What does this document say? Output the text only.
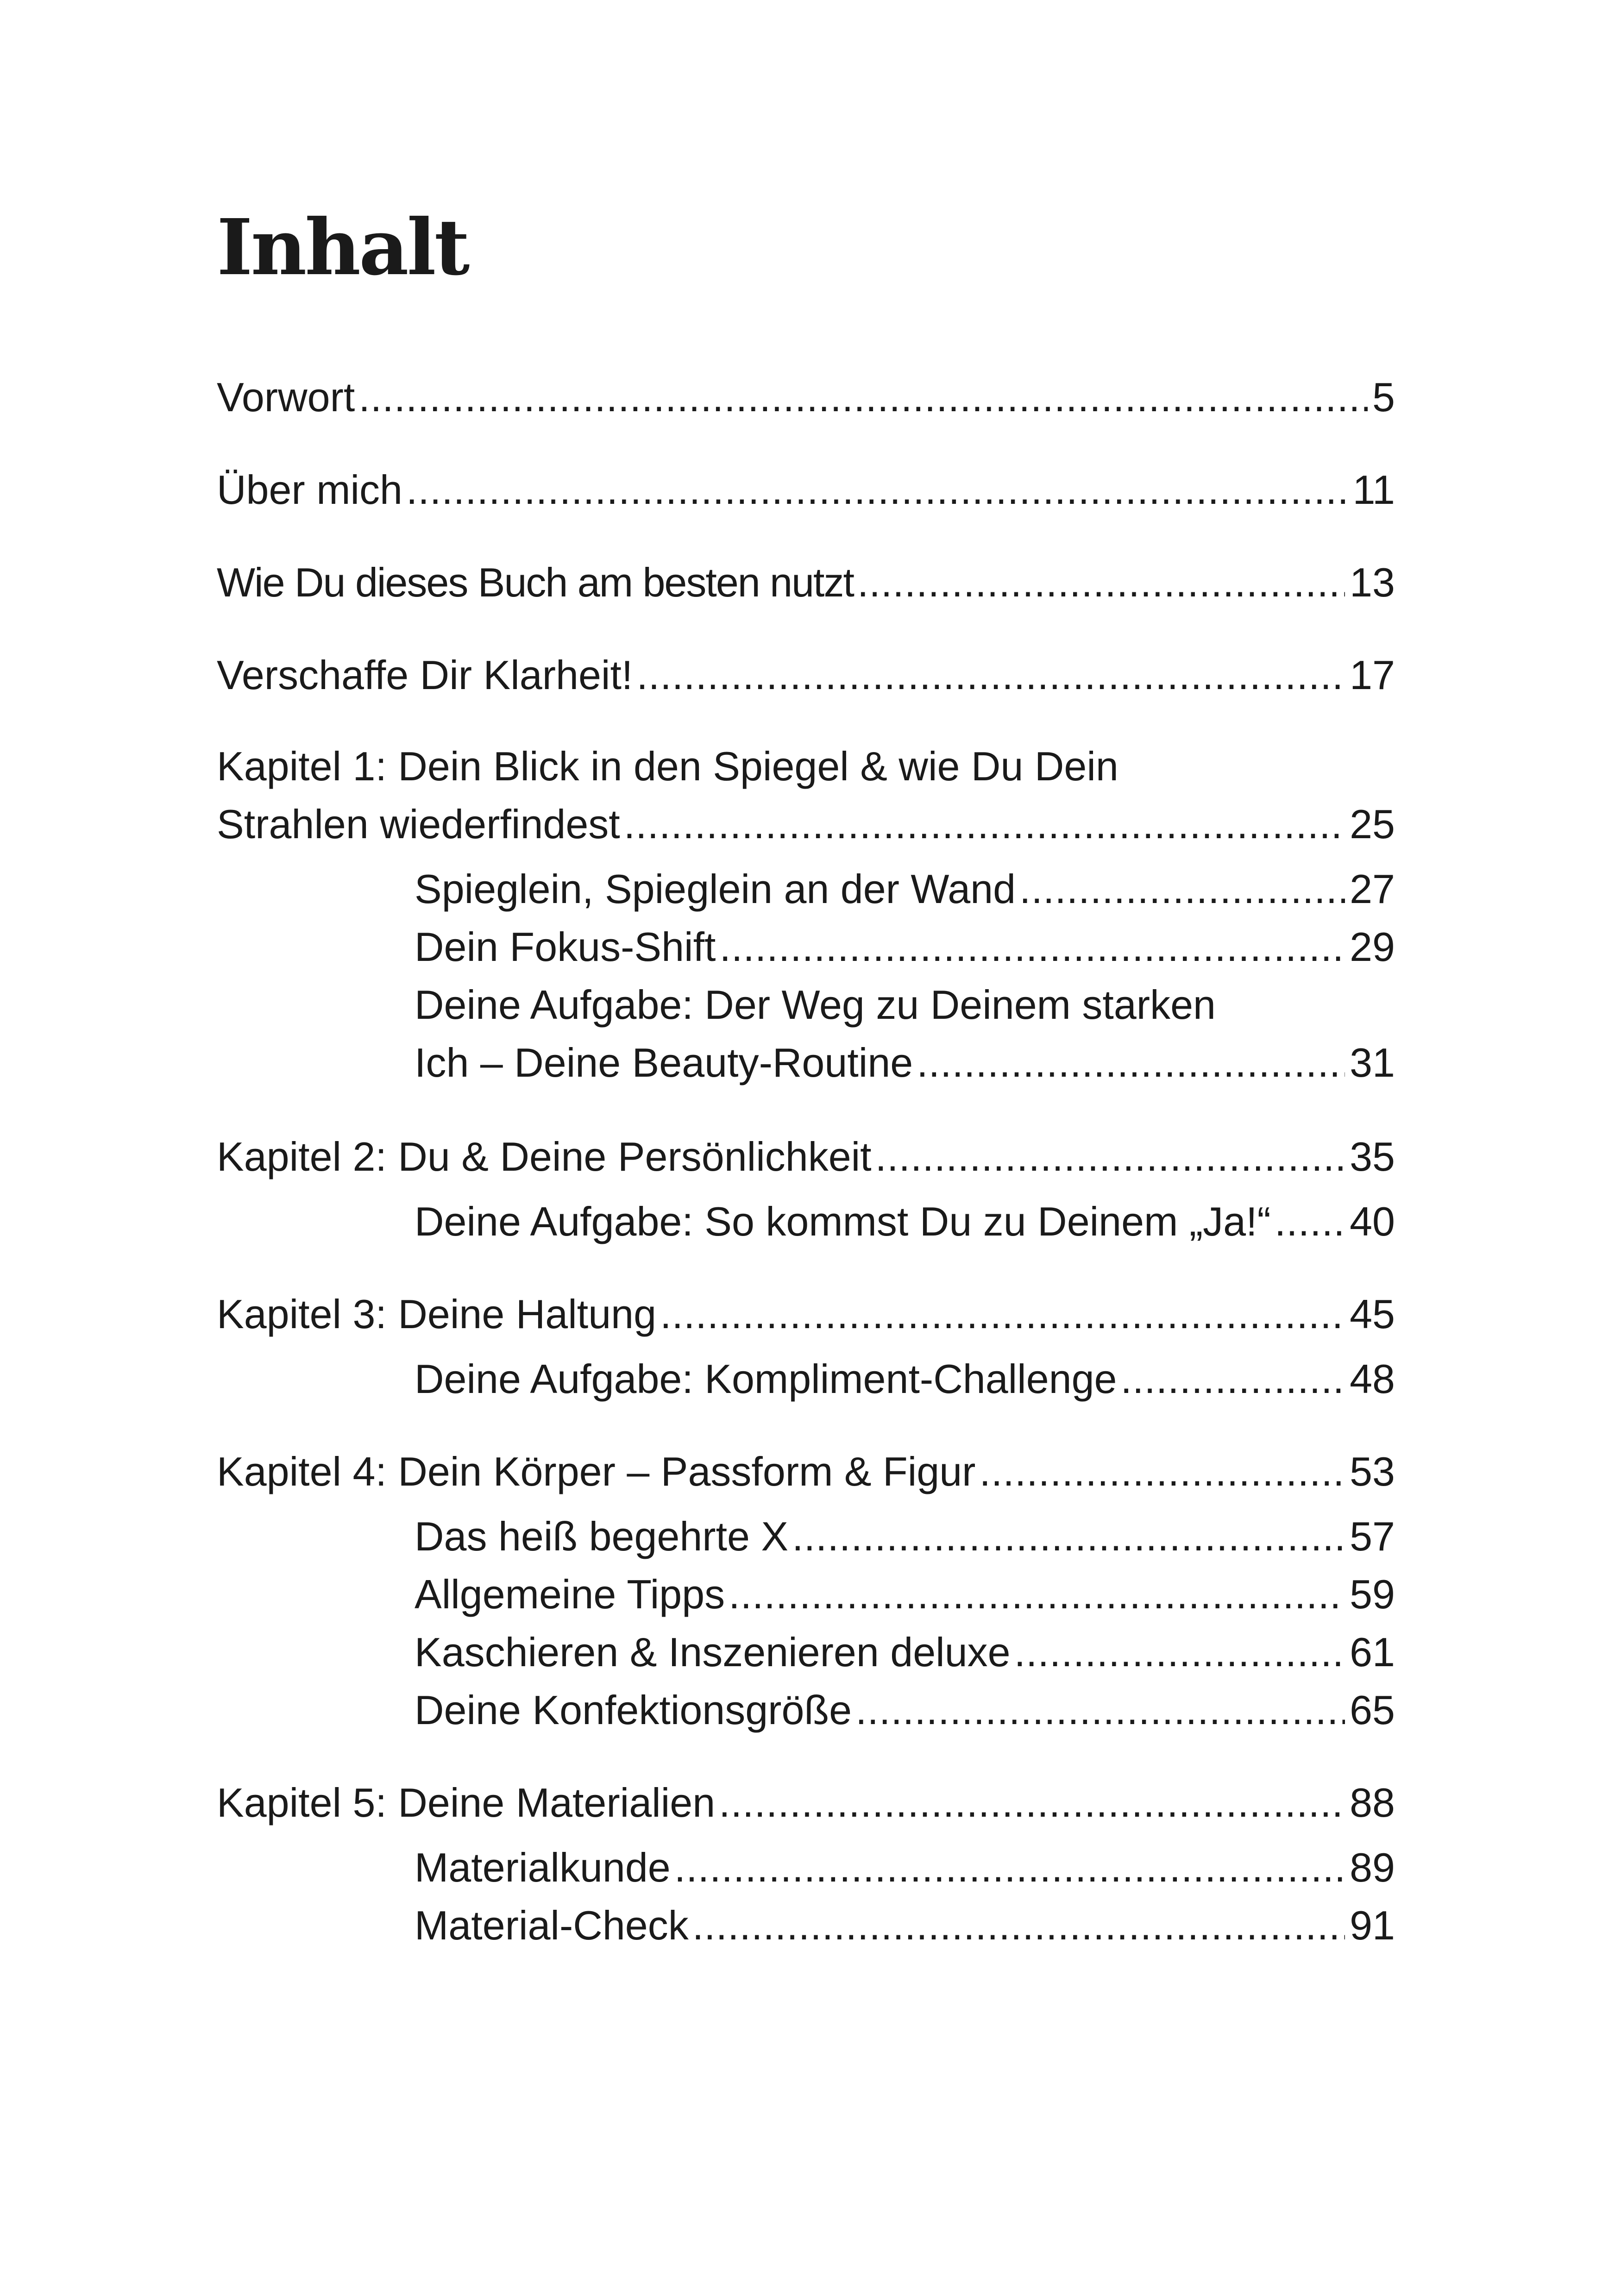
Inhalt
Vorwort .....	5
Über mich .....	11
Wie Du dieses Buch am besten nutzt .....	13
Verschaffe Dir Klarheit! .....	17
Kapitel 1: Dein Blick in den Spiegel & wie Du Dein
Strahlen wiederfindest .....	25
Spieglein, Spieglein an der Wand .....	27
Dein Fokus-Shift .....	29
Deine Aufgabe: Der Weg zu Deinem starken
Ich – Deine Beauty-Routine .....	31
Kapitel 2: Du & Deine Persönlichkeit .....	35
Deine Aufgabe: So kommst Du zu Deinem „Ja!“ ..... 40
Kapitel 3: Deine Haltung .....	45
Deine Aufgabe: Kompliment-Challenge .....	48
Kapitel 4: Dein Körper – Passform & Figur .....	53
Das heiß begehrte X .....	57
Allgemeine Tipps .....	59
Kaschieren & Inszenieren deluxe .....	61
Deine Konfektionsgröße .....	65
Kapitel 5: Deine Materialien .....	88
Materialkunde .....	89
Material-Check .....	91
